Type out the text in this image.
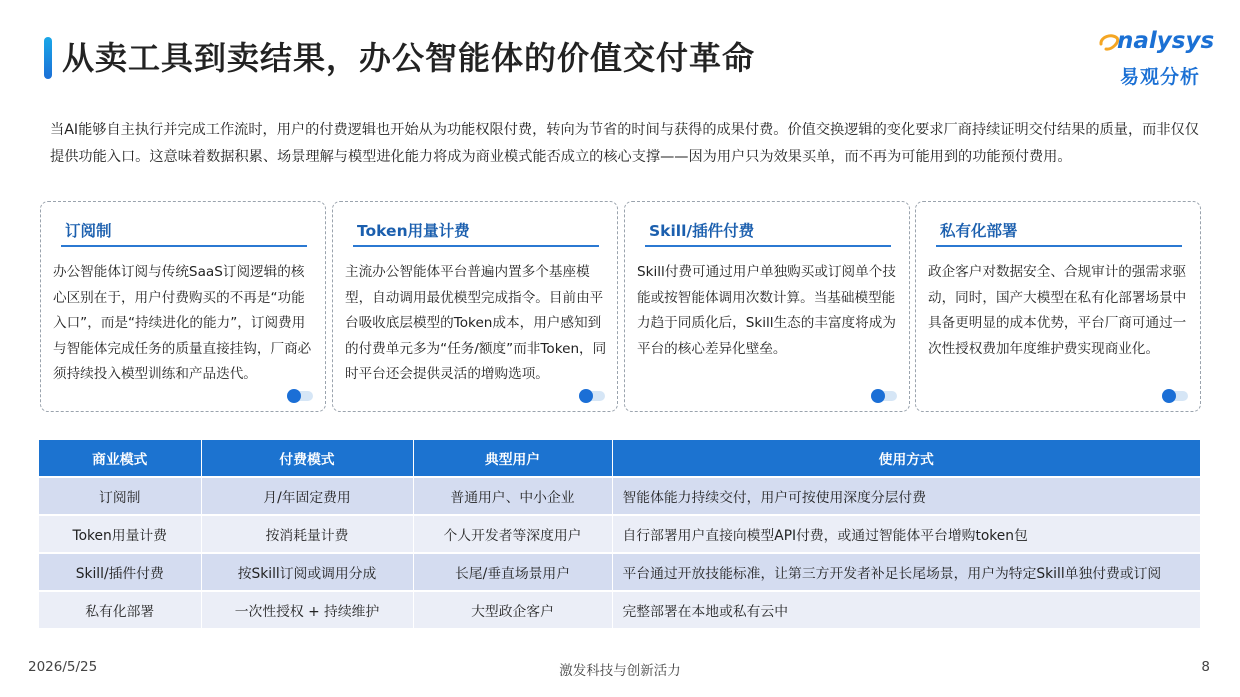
从卖工具到卖结果，办公智能体的价值交付革命	nalysys
易观分析
当AI能够自主执行并完成工作流时，用户的付费逻辑也开始从为功能权限付费，转向为节省的时间与获得的成果付费。价值交换逻辑的变化要求厂商持续证明交付结果的质量，而非仅仅提供功能入口。这意味着数据积累、场景理解与模型进化能力将成为商业模式能否成立的核心支撑——因为用户只为效果买单，而不再为可能用到的功能预付费用。
订阅制
办公智能体订阅与传统SaaS订阅逻辑的核心区别在于，用户付费购买的不再是“功能入口”，而是“持续进化的能力”，订阅费用与智能体完成任务的质量直接挂钩，厂商必须持续投入模型训练和产品迭代。
Token用量计费
主流办公智能体平台普遍内置多个基座模型，自动调用最优模型完成指令。目前由平台吸收底层模型的Token成本，用户感知到的付费单元多为“任务/额度”而非Token，同时平台还会提供灵活的增购选项。
Skill/插件付费
Skill付费可通过用户单独购买或订阅单个技能或按智能体调用次数计算。当基础模型能力趋于同质化后，Skill生态的丰富度将成为平台的核心差异化壁垒。
私有化部署
政企客户对数据安全、合规审计的强需求驱动，同时，国产大模型在私有化部署场景中具备更明显的成本优势，平台厂商可通过一次性授权费加年度维护费实现商业化。
商业模式	付费模式	典型用户	使用方式
订阅制	月/年固定费用	普通用户、中小企业	智能体能力持续交付，用户可按使用深度分层付费
Token用量计费	按消耗量计费	个人开发者等深度用户	自行部署用户直接向模型API付费，或通过智能体平台增购token包
Skill/插件付费	按Skill订阅或调用分成	长尾/垂直场景用户	平台通过开放技能标准，让第三方开发者补足长尾场景，用户为特定Skill单独付费或订阅
私有化部署	一次性授权 + 持续维护	大型政企客户	完整部署在本地或私有云中
2026/5/25	激发科技与创新活力	8
